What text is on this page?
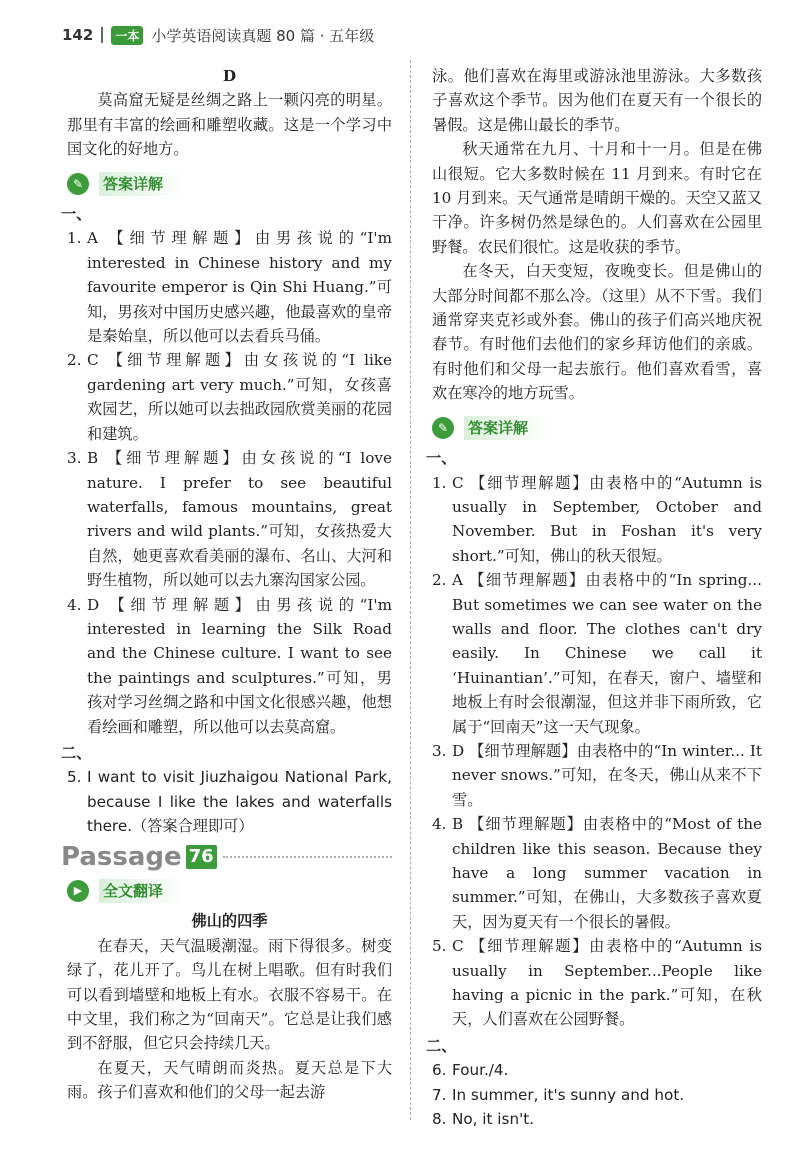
142	一本 小学英语阅读真题 80 篇 · 五年级

D

莫高窟无疑是丝绸之路上一颗闪亮的明星。那里有丰富的绘画和雕塑收藏。这是一个学习中国文化的好地方。

✎	答案详解
一、
1. A 【细节理解题】由男孩说的“I'm interested in Chinese history and my favourite emperor is Qin Shi Huang.”可知，男孩对中国历史感兴趣，他最喜欢的皇帝是秦始皇，所以他可以去看兵马俑。
2. C 【细节理解题】由女孩说的“I like gardening art very much.”可知，女孩喜欢园艺，所以她可以去拙政园欣赏美丽的花园和建筑。
3. B 【细节理解题】由女孩说的“I love nature. I prefer to see beautiful waterfalls, famous mountains, great rivers and wild plants.”可知，女孩热爱大自然，她更喜欢看美丽的瀑布、名山、大河和野生植物，所以她可以去九寨沟国家公园。
4. D 【细节理解题】由男孩说的“I'm interested in learning the Silk Road and the Chinese culture. I want to see the paintings and sculptures.”可知，男孩对学习丝绸之路和中国文化很感兴趣，他想看绘画和雕塑，所以他可以去莫高窟。
二、
5. I want to visit Jiuzhaigou National Park, because I like the lakes and waterfalls there.（答案合理即可）
Passage 76
▶	全文翻译

佛山的四季

在春天，天气温暖潮湿。雨下得很多。树变绿了，花儿开了。鸟儿在树上唱歌。但有时我们可以看到墙壁和地板上有水。衣服不容易干。在中文里，我们称之为“回南天”。它总是让我们感到不舒服，但它只会持续几天。

在夏天，天气晴朗而炎热。夏天总是下大雨。孩子们喜欢和他们的父母一起去游

泳。他们喜欢在海里或游泳池里游泳。大多数孩子喜欢这个季节。因为他们在夏天有一个很长的暑假。这是佛山最长的季节。

秋天通常在九月、十月和十一月。但是在佛山很短。它大多数时候在 11 月到来。有时它在 10 月到来。天气通常是晴朗干燥的。天空又蓝又干净。许多树仍然是绿色的。人们喜欢在公园里野餐。农民们很忙。这是收获的季节。

在冬天，白天变短，夜晚变长。但是佛山的大部分时间都不那么冷。（这里）从不下雪。我们通常穿夹克衫或外套。佛山的孩子们高兴地庆祝春节。有时他们去他们的家乡拜访他们的亲戚。有时他们和父母一起去旅行。他们喜欢看雪，喜欢在寒冷的地方玩雪。

✎	答案详解
一、
1. C 【细节理解题】由表格中的“Autumn is usually in September, October and November. But in Foshan it's very short.”可知，佛山的秋天很短。
2. A 【细节理解题】由表格中的“In spring... But sometimes we can see water on the walls and floor. The clothes can't dry easily. In Chinese we call it ‘Huinantian’.”可知，在春天，窗户、墙壁和地板上有时会很潮湿，但这并非下雨所致，它属于“回南天”这一天气现象。
3. D 【细节理解题】由表格中的“In winter... It never snows.”可知，在冬天，佛山从来不下雪。
4. B 【细节理解题】由表格中的“Most of the children like this season. Because they have a long summer vacation in summer.”可知，在佛山，大多数孩子喜欢夏天，因为夏天有一个很长的暑假。
5. C 【细节理解题】由表格中的“Autumn is usually in September...People like having a picnic in the park.”可知，在秋天，人们喜欢在公园野餐。
二、
6. Four./4.
7. In summer, it's sunny and hot.
8. No, it isn't.
